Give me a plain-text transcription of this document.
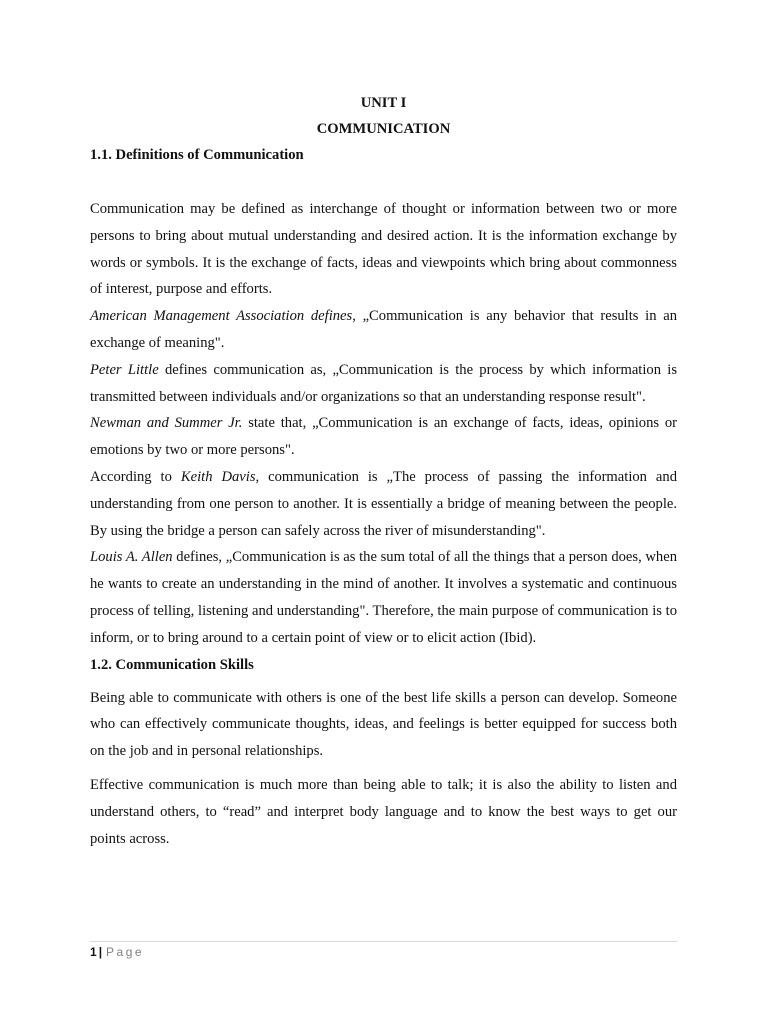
UNIT I

COMMUNICATION

1.1. Definitions of Communication

Communication may be defined as interchange of thought or information between two or more persons to bring about mutual understanding and desired action. It is the information exchange by words or symbols. It is the exchange of facts, ideas and viewpoints which bring about commonness of interest, purpose and efforts.

American Management Association defines, „Communication is any behavior that results in an exchange of meaning".

Peter Little defines communication as, „Communication is the process by which information is transmitted between individuals and/or organizations so that an understanding response result".

Newman and Summer Jr. state that, „Communication is an exchange of facts, ideas, opinions or emotions by two or more persons".

According to Keith Davis, communication is „The process of passing the information and understanding from one person to another. It is essentially a bridge of meaning between the people. By using the bridge a person can safely across the river of misunderstanding".

Louis A. Allen defines, „Communication is as the sum total of all the things that a person does, when he wants to create an understanding in the mind of another. It involves a systematic and continuous process of telling, listening and understanding". Therefore, the main purpose of communication is to inform, or to bring around to a certain point of view or to elicit action (Ibid).

1.2. Communication Skills

Being able to communicate with others is one of the best life skills a person can develop. Someone who can effectively communicate thoughts, ideas, and feelings is better equipped for success both on the job and in personal relationships.

Effective communication is much more than being able to talk; it is also the ability to listen and understand others, to “read” and interpret body language and to know the best ways to get our points across.

1 | Page
